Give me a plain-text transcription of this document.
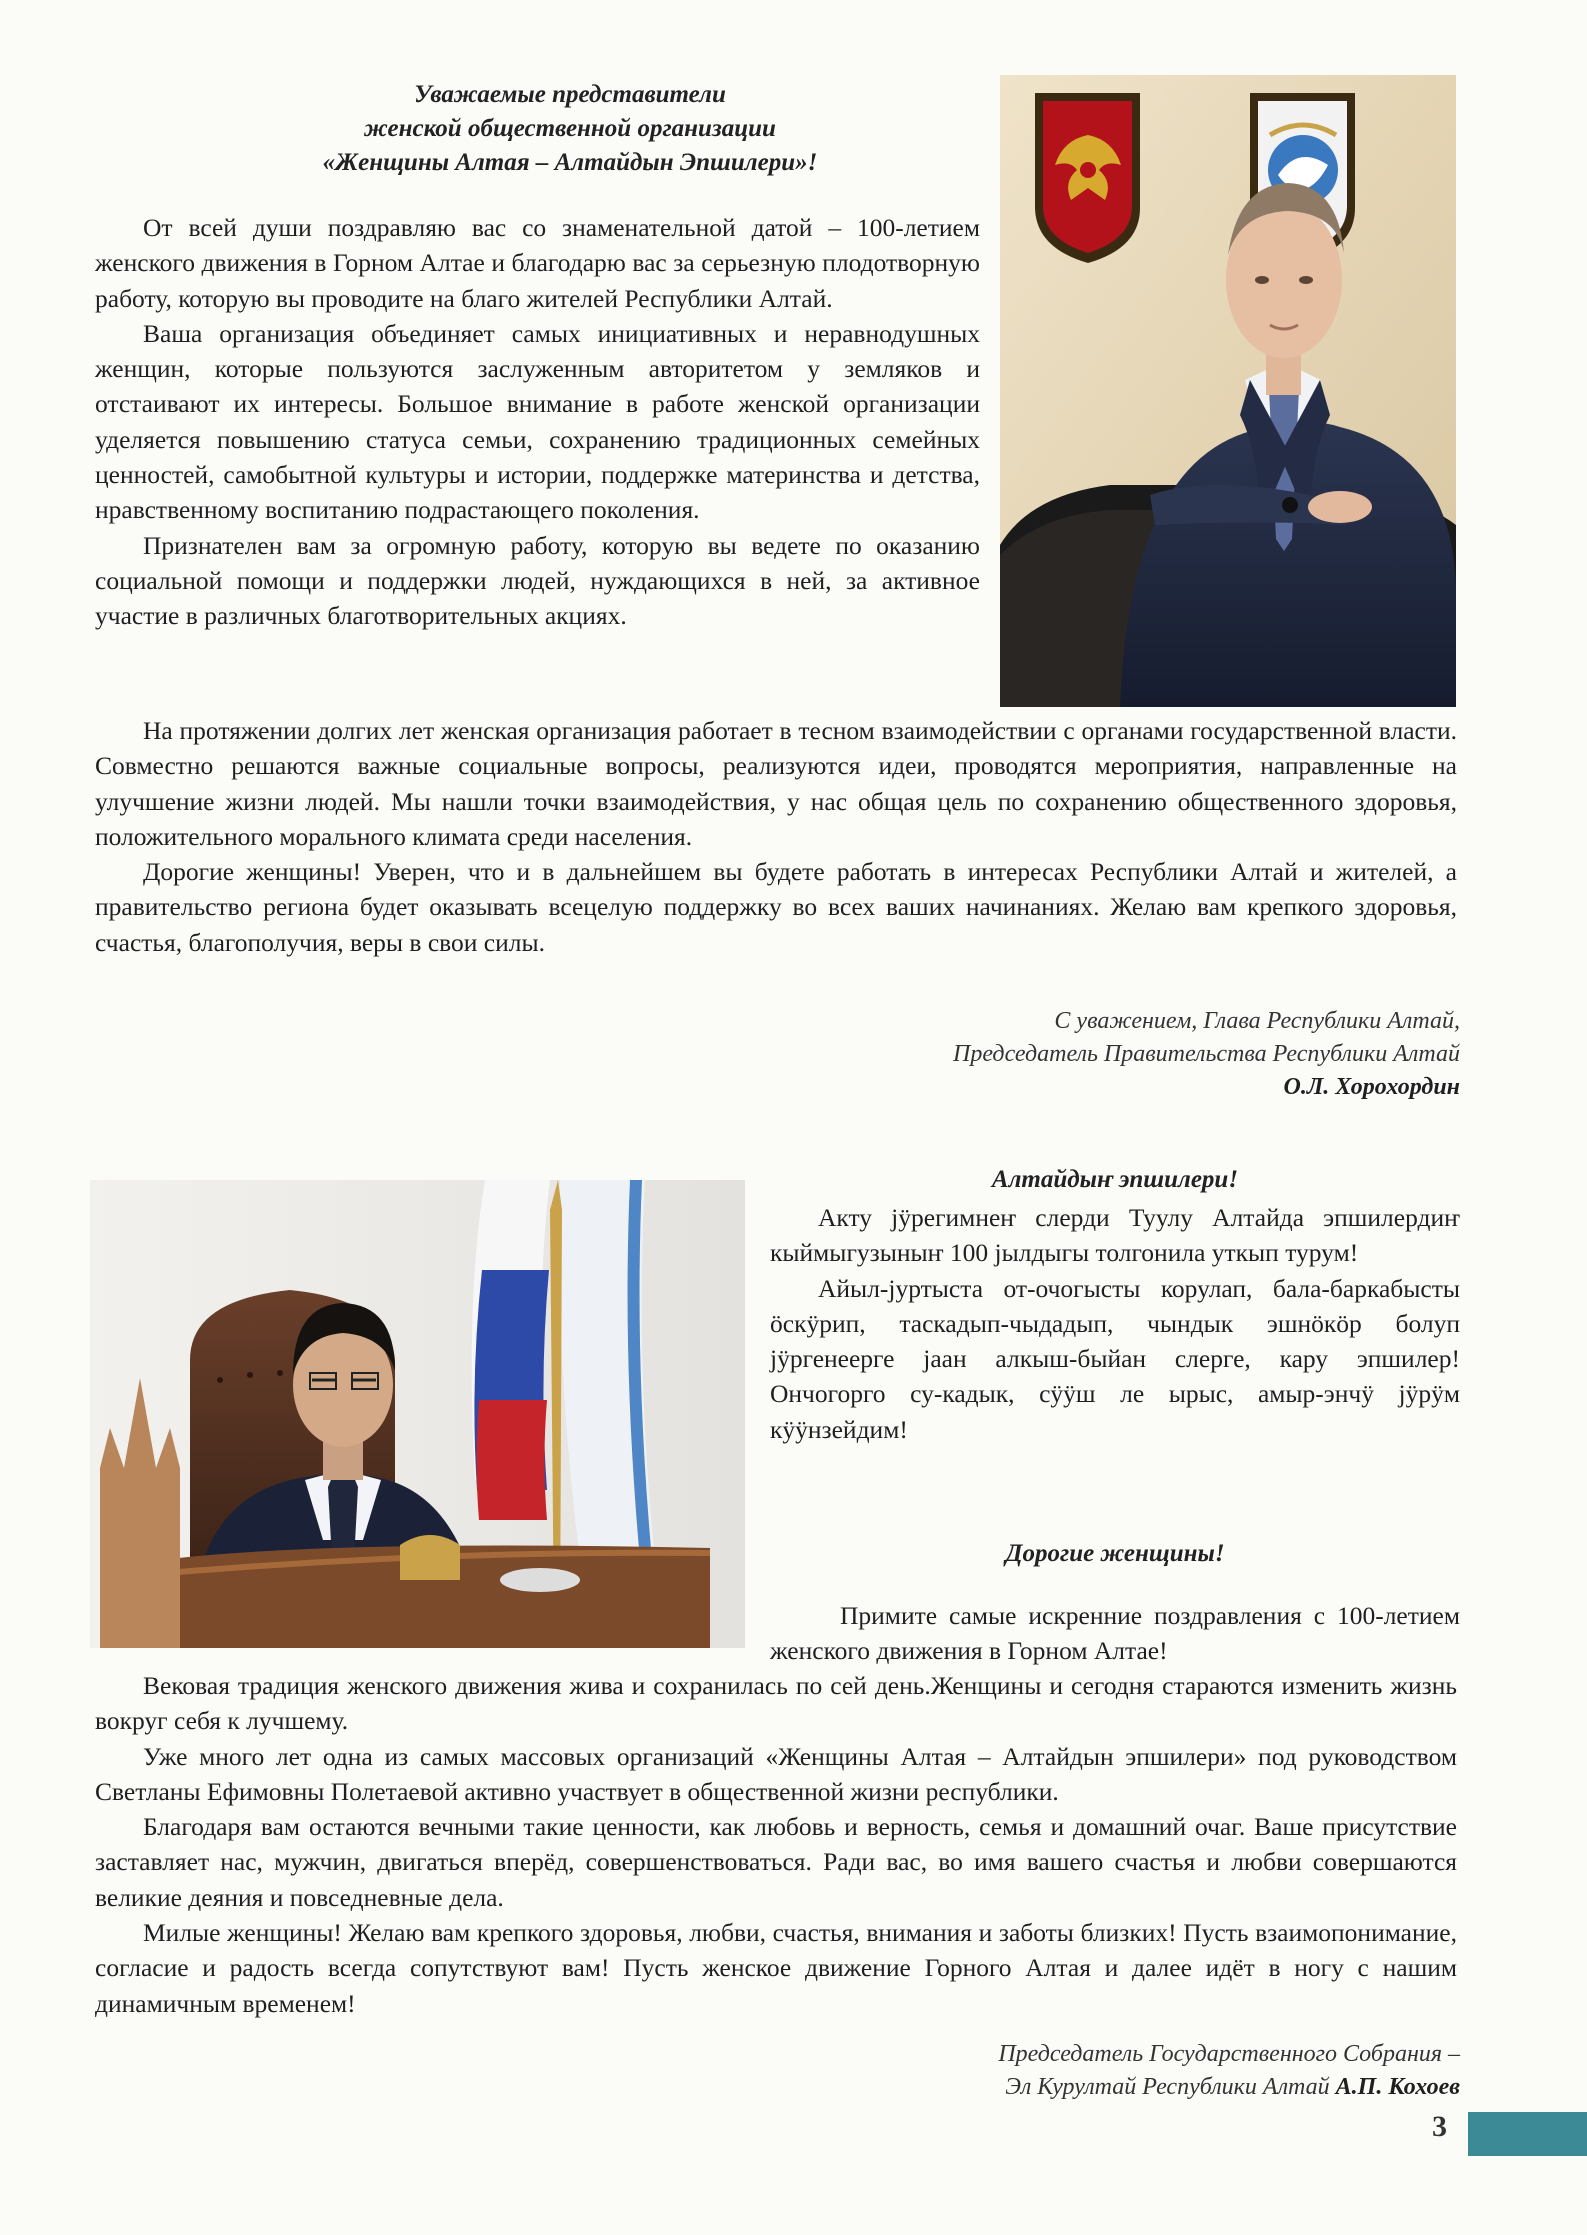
Уважаемые представители
женской общественной организации
«Женщины Алтая – Алтайдын Эпшилери»!

От всей души поздравляю вас со знаменательной датой – 100-летием женского движения в Горном Алтае и благодарю вас за серьезную плодотворную работу, которую вы проводите на благо жителей Республики Алтай.

Ваша организация объединяет самых инициативных и неравнодушных женщин, которые пользуются заслуженным авторитетом у земляков и отстаивают их интересы. Большое внимание в работе женской организации уделяется повышению статуса семьи, сохранению традиционных семейных ценностей, самобытной культуры и истории, поддержке материнства и детства, нравственному воспитанию подрастающего поколения.

Признателен вам за огромную работу, которую вы ведете по оказанию социальной помощи и поддержки людей, нуждающихся в ней, за активное участие в различных благотворительных акциях.

На протяжении долгих лет женская организация работает в тесном взаимодействии с органами государственной власти. Совместно решаются важные социальные вопросы, реализуются идеи, проводятся мероприятия, направленные на улучшение жизни людей. Мы нашли точки взаимодействия, у нас общая цель по сохранению общественного здоровья, положительного морального климата среди населения.

Дорогие женщины! Уверен, что и в дальнейшем вы будете работать в интересах Республики Алтай и жителей, а правительство региона будет оказывать всецелую поддержку во всех ваших начинаниях. Желаю вам крепкого здоровья, счастья, благополучия, веры в свои силы.

С уважением, Глава Республики Алтай,
Председатель Правительства Республики Алтай
О.Л. Хорохордин
Алтайдыҥ эпшилери!

Акту јӱрегимнеҥ слерди Туулу Алтайда эпшилердиҥ кыймыгузыныҥ 100 јылдыгы толгонила уткып турум!

Айыл-јуртыста от-очогысты корулап, бала-баркабысты ӧскӱрип, таскадып-чыдадып, чындык эшнӧкӧр болуп јӱргенеерге јаан алкыш-быйан слерге, кару эпшилер! Ончогорго су-кадык, сӱӱш ле ырыс, амыр-энчӱ јӱрӱм кӱӱнзейдим!

Дорогие женщины!

Примите самые искренние поздравления с 100-летием женского движения в Горном Алтае!

Вековая традиция женского движения жива и сохранилась по сей день.Женщины и сегодня стараются изменить жизнь вокруг себя к лучшему.

Уже много лет одна из самых массовых организаций «Женщины Алтая – Алтайдын эпшилери» под руководством Светланы Ефимовны Полетаевой активно участвует в общественной жизни республики.

Благодаря вам остаются вечными такие ценности, как любовь и верность, семья и домашний очаг. Ваше присутствие заставляет нас, мужчин, двигаться вперёд, совершенствоваться. Ради вас, во имя вашего счастья и любви совершаются великие деяния и повседневные дела.

Милые женщины! Желаю вам крепкого здоровья, любви, счастья, внимания и заботы близких! Пусть взаимопонимание, согласие и радость всегда сопутствуют вам! Пусть женское движение Горного Алтая и далее идёт в ногу с нашим динамичным временем!

Председатель Государственного Собрания –
Эл Курултай Республики Алтай А.П. Кохоев
3
